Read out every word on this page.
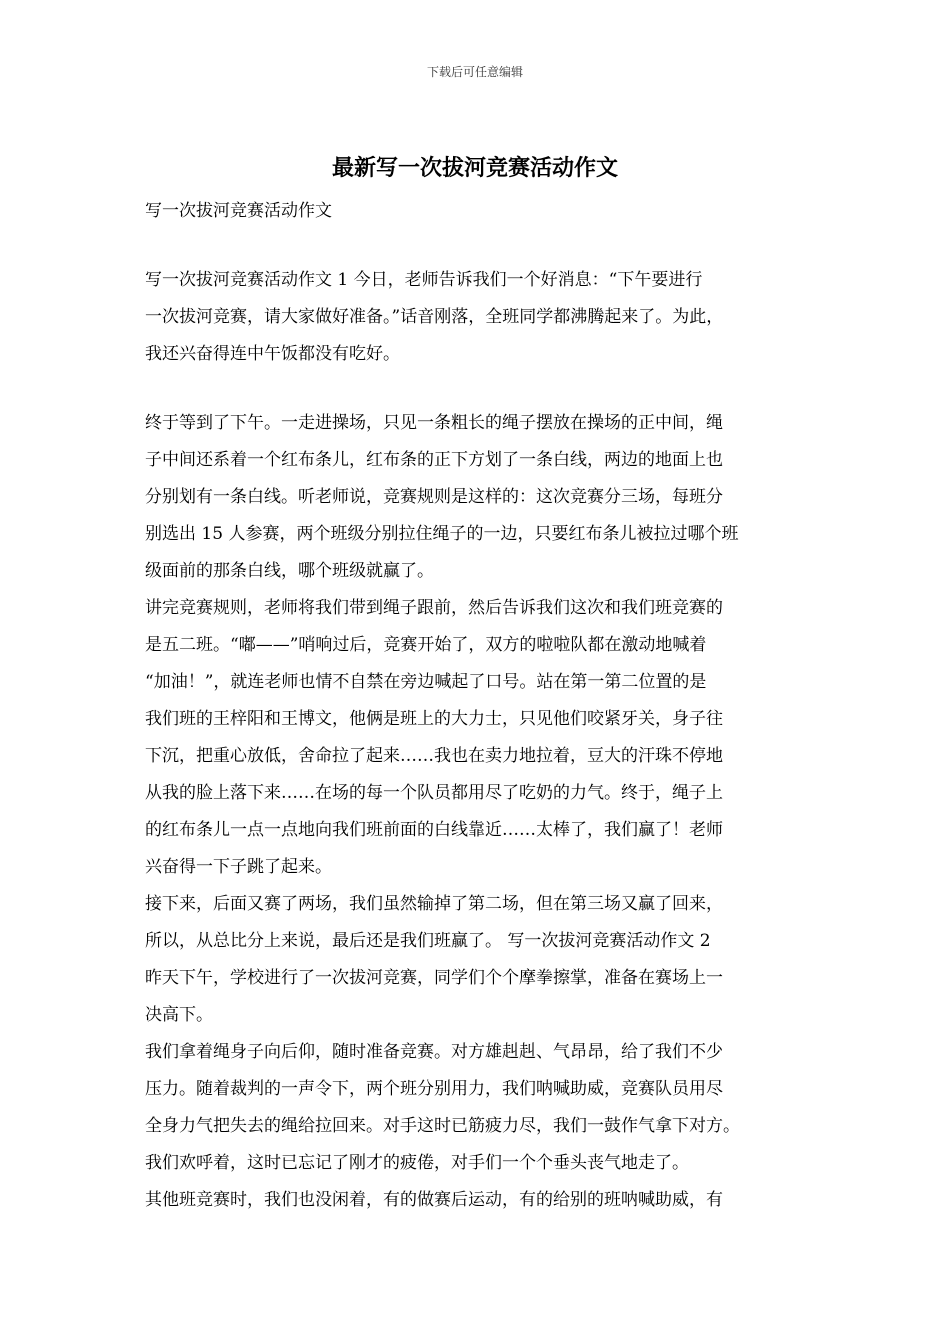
下载后可任意编辑
最新写一次拔河竞赛活动作文
写一次拔河竞赛活动作文
写一次拔河竞赛活动作文 1 今日，老师告诉我们一个好消息：“下午要进行
一次拔河竞赛，请大家做好准备。”话音刚落，全班同学都沸腾起来了。为此，
我还兴奋得连中午饭都没有吃好。
终于等到了下午。一走进操场，只见一条粗长的绳子摆放在操场的正中间，绳
子中间还系着一个红布条儿，红布条的正下方划了一条白线，两边的地面上也
分别划有一条白线。听老师说，竞赛规则是这样的：这次竞赛分三场，每班分
别选出 15 人参赛，两个班级分别拉住绳子的一边，只要红布条儿被拉过哪个班
级面前的那条白线，哪个班级就赢了。
讲完竞赛规则，老师将我们带到绳子跟前，然后告诉我们这次和我们班竞赛的
是五二班。“嘟——”哨响过后，竞赛开始了，双方的啦啦队都在激动地喊着
“加油！”，就连老师也情不自禁在旁边喊起了口号。站在第一第二位置的是
我们班的王梓阳和王博文，他俩是班上的大力士，只见他们咬紧牙关，身子往
下沉，把重心放低，舍命拉了起来……我也在卖力地拉着，豆大的汗珠不停地
从我的脸上落下来……在场的每一个队员都用尽了吃奶的力气。终于，绳子上
的红布条儿一点一点地向我们班前面的白线靠近……太棒了，我们赢了！老师
兴奋得一下子跳了起来。
接下来，后面又赛了两场，我们虽然输掉了第二场，但在第三场又赢了回来，
所以，从总比分上来说，最后还是我们班赢了。 写一次拔河竞赛活动作文 2
昨天下午，学校进行了一次拔河竞赛，同学们个个摩拳擦掌，准备在赛场上一
决高下。
我们拿着绳身子向后仰，随时准备竞赛。对方雄赳赳、气昂昂，给了我们不少
压力。随着裁判的一声令下，两个班分别用力，我们呐喊助威，竞赛队员用尽
全身力气把失去的绳给拉回来。对手这时已筋疲力尽，我们一鼓作气拿下对方。
我们欢呼着，这时已忘记了刚才的疲倦，对手们一个个垂头丧气地走了。
其他班竞赛时，我们也没闲着，有的做赛后运动，有的给别的班呐喊助威，有
